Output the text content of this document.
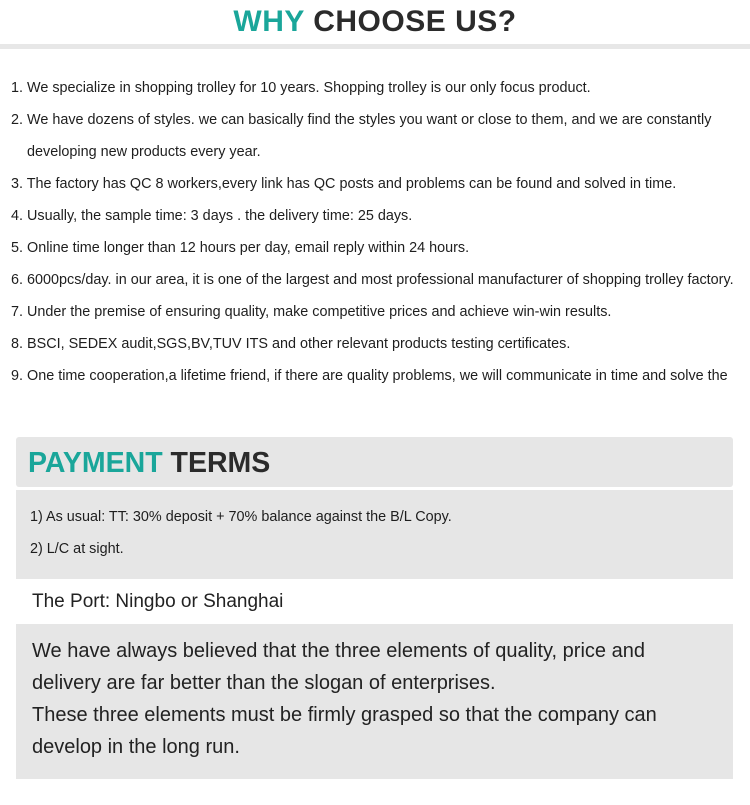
WHY CHOOSE US?
1. We specialize in shopping trolley for 10 years. Shopping trolley is our only focus product.
2. We have dozens of styles. we can basically find the styles you want or close to them, and we are constantly
developing new products every year.
3. The factory has QC 8 workers,every link has QC posts and problems can be found and solved in time.
4. Usually, the sample time: 3 days . the delivery time: 25 days.
5. Online time longer than 12 hours per day, email reply within 24 hours.
6. 6000pcs/day. in our area, it is one of the largest and most professional manufacturer of shopping trolley factory.
7. Under the premise of ensuring quality, make competitive prices and achieve win-win results.
8. BSCI, SEDEX audit,SGS,BV,TUV ITS and other relevant products testing certificates.
9. One time cooperation,a lifetime friend, if there are quality problems, we will communicate in time and solve the
PAYMENT TERMS
1) As usual: TT: 30% deposit + 70% balance against the B/L Copy.
2) L/C at sight.
The Port: Ningbo or Shanghai
We have always believed that the three elements of quality, price and
delivery are far better than the slogan of enterprises.
These three elements must be firmly grasped so that the company can
develop in the long run.
